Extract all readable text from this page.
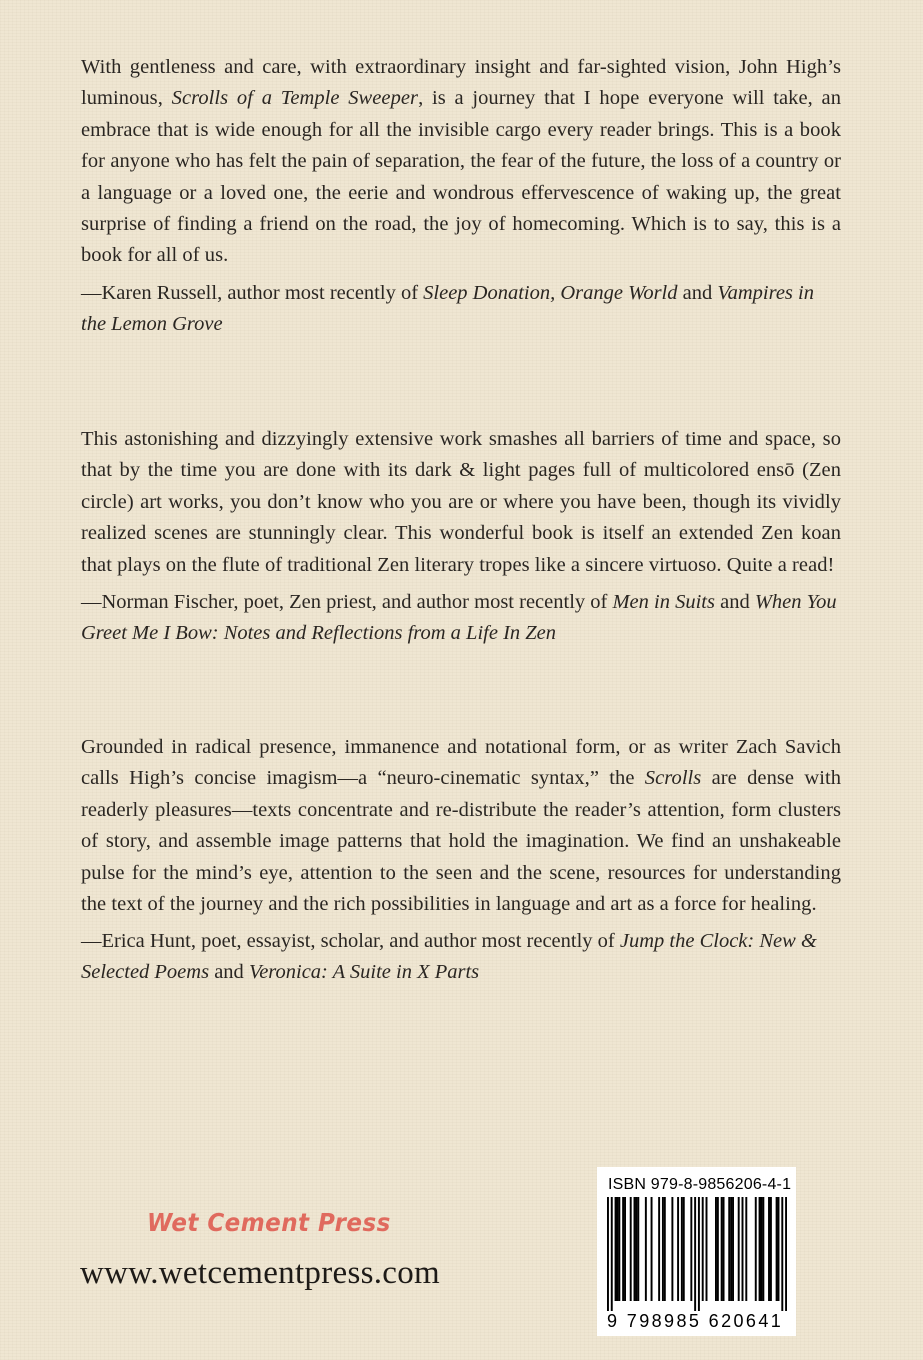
With gentleness and care, with extraordinary insight and far-sighted vision, John High’s luminous, Scrolls of a Temple Sweeper, is a journey that I hope everyone will take, an embrace that is wide enough for all the invisible cargo every reader brings. This is a book for anyone who has felt the pain of separation, the fear of the future, the loss of a country or a language or a loved one, the eerie and wondrous effervescence of waking up, the great surprise of finding a friend on the road, the joy of homecoming. Which is to say, this is a book for all of us.

—Karen Russell, author most recently of Sleep Donation, Orange World and Vampires in the Lemon Grove

This astonishing and dizzyingly extensive work smashes all barriers of time and space, so that by the time you are done with its dark & light pages full of multicolored ensō (Zen circle) art works, you don’t know who you are or where you have been, though its vividly realized scenes are stunningly clear. This wonderful book is itself an extended Zen koan that plays on the flute of traditional Zen literary tropes like a sincere virtuoso. Quite a read!

—Norman Fischer, poet, Zen priest, and author most recently of Men in Suits and When You Greet Me I Bow: Notes and Reflections from a Life In Zen

Grounded in radical presence, immanence and notational form, or as writer Zach Savich calls High’s concise imagism—a “neuro-cinematic syntax,” the Scrolls are dense with readerly pleasures—texts concentrate and re-distribute the reader’s attention, form clusters of story, and assemble image patterns that hold the imagination. We find an unshakeable pulse for the mind’s eye, attention to the seen and the scene, resources for understanding the text of the journey and the rich possibilities in language and art as a force for healing.

—Erica Hunt, poet, essayist, scholar, and author most recently of Jump the Clock: New & Selected Poems and Veronica: A Suite in X Parts

Wet Cement Press
www.wetcementpress.com
ISBN 979-8-9856206-4-1
9 798985 620641
